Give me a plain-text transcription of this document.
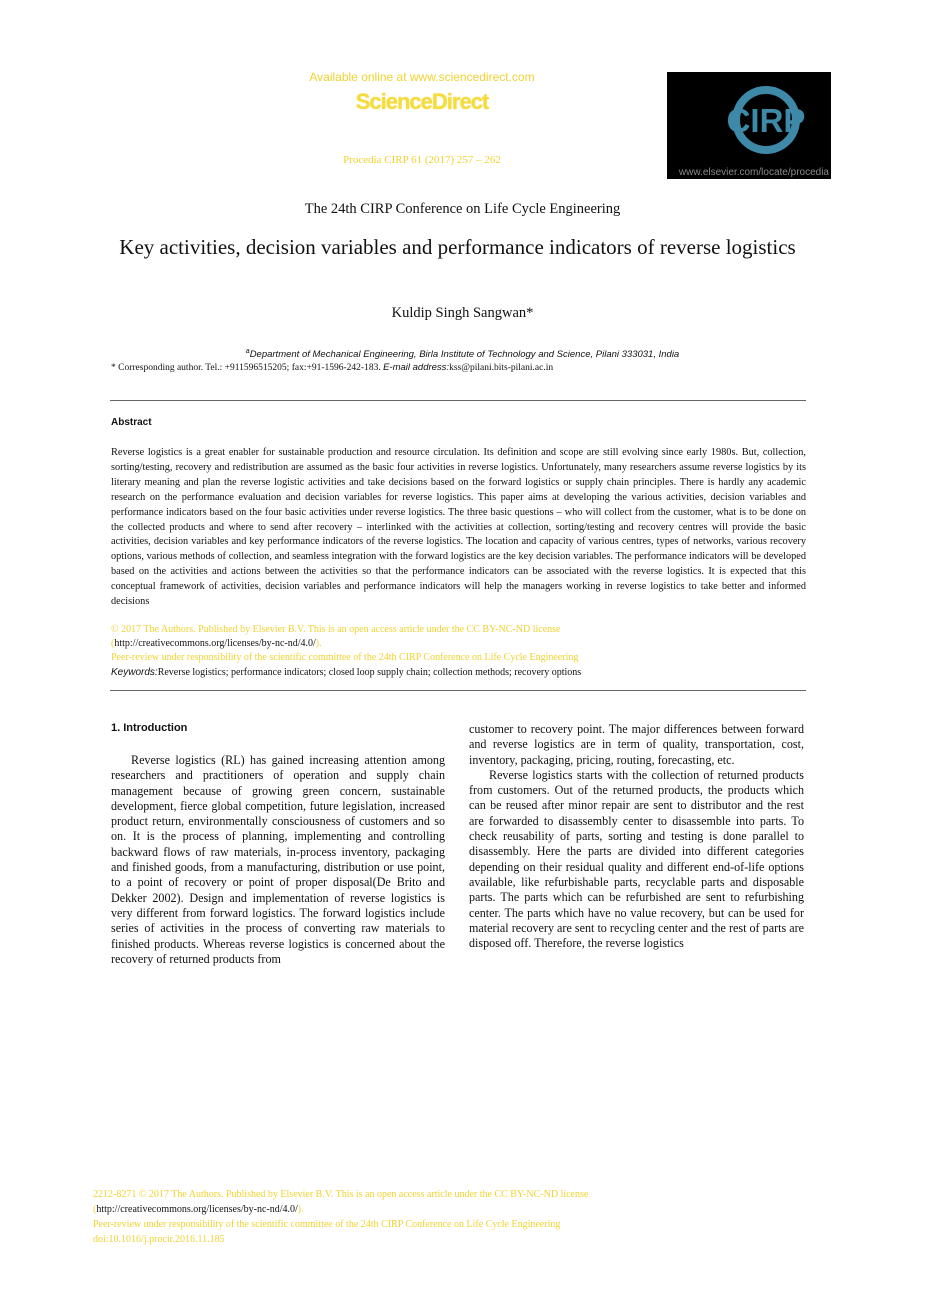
Available online at www.sciencedirect.com
ScienceDirect
Procedia CIRP 61 (2017) 257 – 262
CIRP
www.elsevier.com/locate/procedia
The 24th CIRP Conference on Life Cycle Engineering
Key activities, decision variables and performance indicators of reverse logistics
Kuldip Singh Sangwan*
$^a$Department of Mechanical Engineering, Birla Institute of Technology and Science, Pilani 333031, India
* Corresponding author. Tel.: +911596515205; fax:+91-1596-242-183. E-mail address:kss@pilani.bits-pilani.ac.in
Abstract
Reverse logistics is a great enabler for sustainable production and resource circulation. Its definition and scope are still evolving since early 1980s. But, collection, sorting/testing, recovery and redistribution are assumed as the basic four activities in reverse logistics. Unfortunately, many researchers assume reverse logistics by its literary meaning and plan the reverse logistic activities and take decisions based on the forward logistics or supply chain principles. There is hardly any academic research on the performance evaluation and decision variables for reverse logistics. This paper aims at developing the various activities, decision variables and performance indicators based on the four basic activities under reverse logistics. The three basic questions – who will collect from the customer, what is to be done on the collected products and where to send after recovery – interlinked with the activities at collection, sorting/testing and recovery centres will provide the basic activities, decision variables and key performance indicators of the reverse logistics. The location and capacity of various centres, types of networks, various recovery options, various methods of collection, and seamless integration with the forward logistics are the key decision variables. The performance indicators will be developed based on the activities and actions between the activities so that the performance indicators can be associated with the reverse logistics. It is expected that this conceptual framework of activities, decision variables and performance indicators will help the managers working in reverse logistics to take better and informed decisions
© 2017 The Authors. Published by Elsevier B.V. This is an open access article under the CC BY-NC-ND license
(http://creativecommons.org/licenses/by-nc-nd/4.0/).
Peer-review under responsibility of the scientific committee of the 24th CIRP Conference on Life Cycle Engineering
Keywords:Reverse logistics; performance indicators; closed loop supply chain; collection methods; recovery options
1. Introduction

Reverse logistics (RL) has gained increasing attention among researchers and practitioners of operation and supply chain management because of growing green concern, sustainable development, fierce global competition, future legislation, increased product return, environmentally consciousness of customers and so on. It is the process of planning, implementing and controlling backward flows of raw materials, in-process inventory, packaging and finished goods, from a manufacturing, distribution or use point, to a point of recovery or point of proper disposal(De Brito and Dekker 2002). Design and implementation of reverse logistics is very different from forward logistics. The forward logistics include series of activities in the process of converting raw materials to finished products. Whereas reverse logistics is concerned about the recovery of returned products from

customer to recovery point. The major differences between forward and reverse logistics are in term of quality, transportation, cost, inventory, packaging, pricing, routing, forecasting, etc.

Reverse logistics starts with the collection of returned products from customers. Out of the returned products, the products which can be reused after minor repair are sent to distributor and the rest are forwarded to disassembly center to disassemble into parts. To check reusability of parts, sorting and testing is done parallel to disassembly. Here the parts are divided into different categories depending on their residual quality and different end-of-life options available, like refurbishable parts, recyclable parts and disposable parts. The parts which can be refurbished are sent to refurbishing center. The parts which have no value recovery, but can be used for material recovery are sent to recycling center and the rest of parts are disposed off. Therefore, the reverse logistics

2212-8271 © 2017 The Authors. Published by Elsevier B.V. This is an open access article under the CC BY-NC-ND license
(http://creativecommons.org/licenses/by-nc-nd/4.0/).
Peer-review under responsibility of the scientific committee of the 24th CIRP Conference on Life Cycle Engineering
doi:10.1016/j.procir.2016.11.185
